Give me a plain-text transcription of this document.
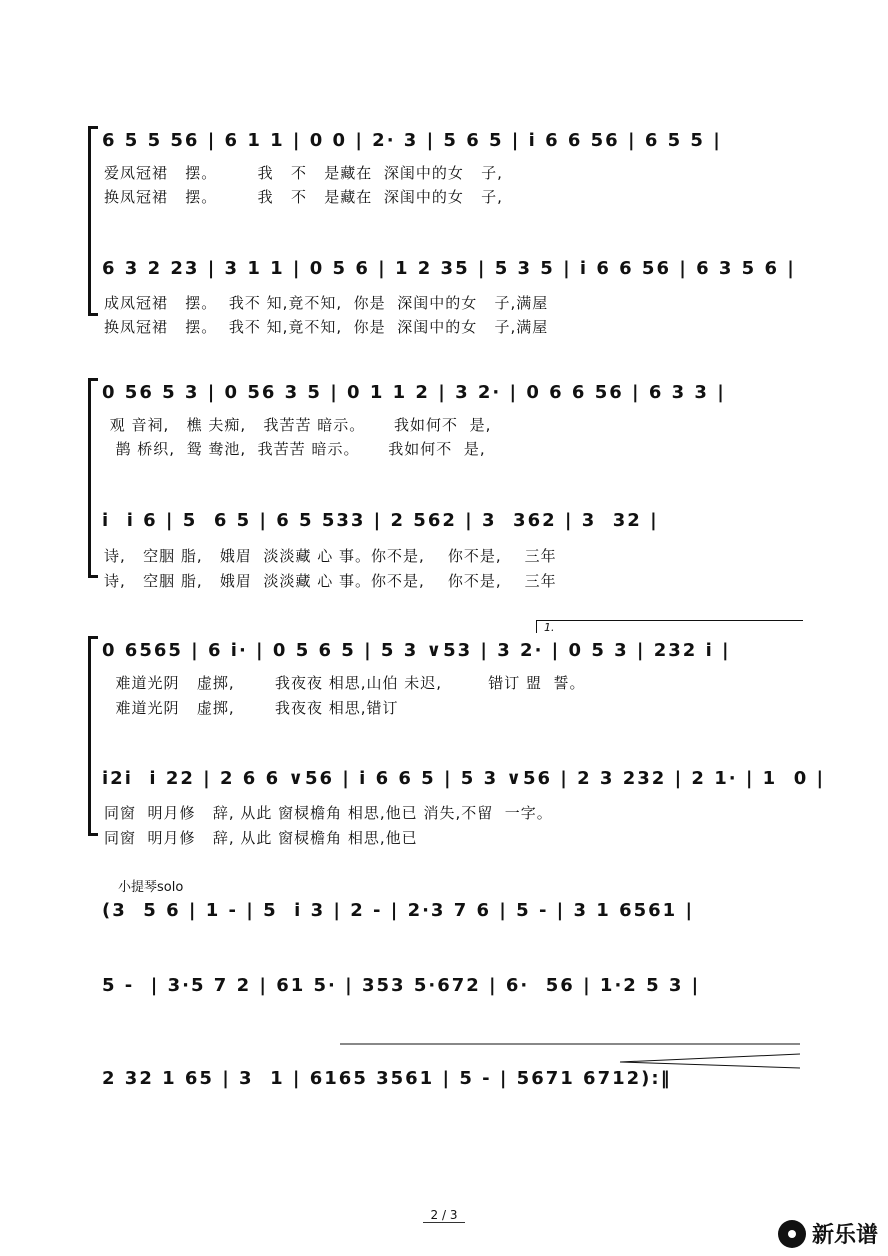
6 5 5 56 | 6 1 1 | 0 0 | 2· 3 | 5 6 5 | i 6 6 56 | 6 5 5 |
爱凤冠裙   摆。       我   不   是藏在  深闺中的女   子,
换凤冠裙   摆。       我   不   是藏在  深闺中的女   子,
6 3 2 23 | 3 1 1 | 0 5 6 | 1 2 35 | 5 3 5 | i 6 6 56 | 6 3 5 6 |
成凤冠裙   摆。  我不 知,竟不知,  你是  深闺中的女   子,满屋
换凤冠裙   摆。  我不 知,竟不知,  你是  深闺中的女   子,满屋
0 56 5 3 | 0 56 3 5 | 0 1 1 2 | 3 2· | 0 6 6 56 | 6 3 3 |
观 音祠,   樵 夫痴,   我苦苦 暗示。     我如何不  是,
鹊 桥织,  鸳 鸯池,  我苦苦 暗示。     我如何不  是,
i  i 6 | 5  6 5 | 6 5 533 | 2 562 | 3  362 | 3  32 |
诗,   空胭 脂,   娥眉  淡淡藏 心 事。你不是,    你不是,    三年
诗,   空胭 脂,   娥眉  淡淡藏 心 事。你不是,    你不是,    三年
1.
0 6565 | 6 i· | 0 5 6 5 | 5 3 ∨53 | 3 2· | 0 5 3 | 232 i |
难道光阴   虚掷,       我夜夜 相思,山伯 未迟,        错订 盟  誓。
难道光阴   虚掷,       我夜夜 相思,错订
i2i  i 22 | 2 6 6 ∨56 | i 6 6 5 | 5 3 ∨56 | 2 3 232 | 2 1· | 1  0 |
同窗  明月修   辞, 从此 窗棂檐角 相思,他已 消失,不留  一字。
同窗  明月修   辞, 从此 窗棂檐角 相思,他已
小提琴solo
(3  5 6 | 1 - | 5  i 3 | 2 - | 2·3 7 6 | 5 - | 3 1 6561 |
5 -  | 3·5 7 2 | 61 5· | 353 5·672 | 6·  56 | 1·2 5 3 |
2 32 1 65 | 3  1 | 6165 3561 | 5 - | 5671 6712):‖
2 / 3
新乐谱
